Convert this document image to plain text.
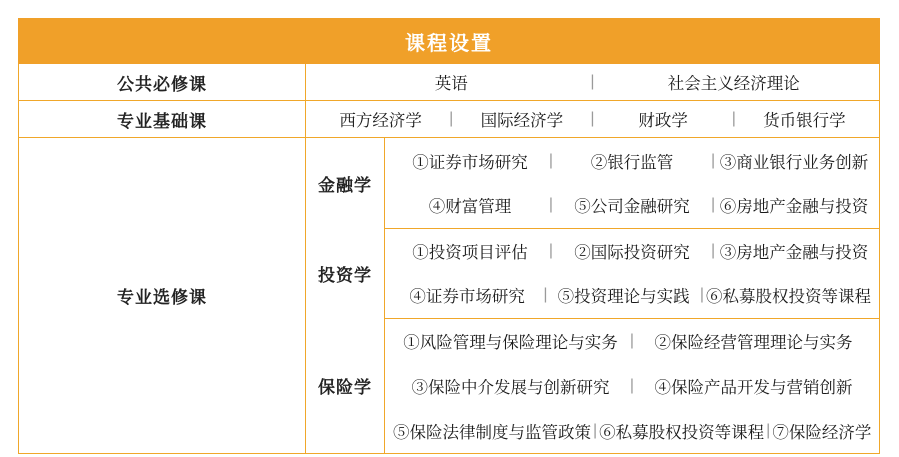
课程设置
公共必修课	英语	|	社会主义经济理论

专业基础课	西方经济学	|	国际经济学	|	财政学	|	货币银行学

专业选修课	
金融学	
①证券市场研究	|	②银行监管	| ③商业银行业务创新

④财富管理	|	⑤公司金融研究	| ⑥房地产金融与投资

投资学	
①投资项目评估	|	②国际投资研究	| ③房地产金融与投资

④证券市场研究	| ⑤投资理论与实践 | ⑥私募股权投资等课程

保险学	
①风险管理与保险理论与实务 |	②保险经营管理理论与实务

③保险中介发展与创新研究	|	④保险产品开发与营销创新

⑤保险法律制度与监管政策 | ⑥私募股权投资等课程 | ⑦保险经济学
